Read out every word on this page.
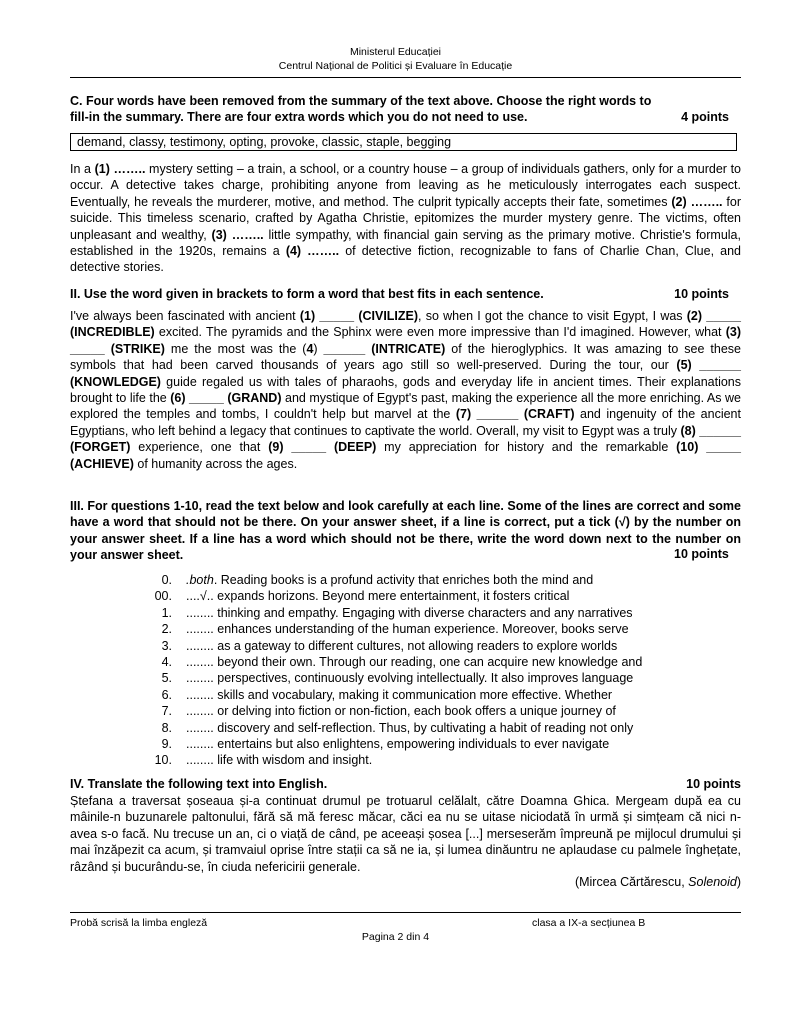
Ministerul Educației
Centrul Național de Politici și Evaluare în Educație
C. Four words have been removed from the summary of the text above. Choose the right words to
fill-in the summary. There are four extra words which you do not need to use.	4 points
demand, classy, testimony, opting, provoke, classic, staple, begging
In a (1) …….. mystery setting – a train, a school, or a country house – a group of individuals gathers, only for a murder to occur. A detective takes charge, prohibiting anyone from leaving as he meticulously interrogates each suspect. Eventually, he reveals the murderer, motive, and method. The culprit typically accepts their fate, sometimes (2) …….. for suicide. This timeless scenario, crafted by Agatha Christie, epitomizes the murder mystery genre. The victims, often unpleasant and wealthy, (3) …….. little sympathy, with financial gain serving as the primary motive. Christie's formula, established in the 1920s, remains a (4) …….. of detective fiction, recognizable to fans of Charlie Chan, Clue, and detective stories.
II. Use the word given in brackets to form a word that best fits in each sentence.	10 points
I've always been fascinated with ancient (1) _____ (CIVILIZE), so when I got the chance to visit Egypt, I was (2) _____ (INCREDIBLE) excited. The pyramids and the Sphinx were even more impressive than I'd imagined. However, what (3) _____ (STRIKE) me the most was the (4) ______ (INTRICATE) of the hieroglyphics. It was amazing to see these symbols that had been carved thousands of years ago still so well-preserved. During the tour, our (5) ______ (KNOWLEDGE) guide regaled us with tales of pharaohs, gods and everyday life in ancient times. Their explanations brought to life the (6) _____ (GRAND) and mystique of Egypt's past, making the experience all the more enriching. As we explored the temples and tombs, I couldn't help but marvel at the (7) ______ (CRAFT) and ingenuity of the ancient Egyptians, who left behind a legacy that continues to captivate the world. Overall, my visit to Egypt was a truly (8) ______ (FORGET) experience, one that (9) _____ (DEEP) my appreciation for history and the remarkable (10) _____ (ACHIEVE) of humanity across the ages.
III. For questions 1-10, read the text below and look carefully at each line. Some of the lines are correct and some have a word that should not be there. On your answer sheet, if a line is correct, put a tick (√) by the number on your answer sheet. If a line has a word which should not be there, write the word down next to the number on your answer sheet.	10 points
0.	.both. Reading books is a profund activity that enriches both the mind and
00.	....√.. expands horizons. Beyond mere entertainment, it fosters critical
1.	........ thinking and empathy. Engaging with diverse characters and any narratives
2.	........ enhances understanding of the human experience. Moreover, books serve
3.	........ as a gateway to different cultures, not allowing readers to explore worlds
4.	........ beyond their own. Through our reading, one can acquire new knowledge and
5.	........ perspectives, continuously evolving intellectually. It also improves language
6.	........ skills and vocabulary, making it communication more effective. Whether
7.	........ or delving into fiction or non-fiction, each book offers a unique journey of
8.	........ discovery and self-reflection. Thus, by cultivating a habit of reading not only
9.	........ entertains but also enlightens, empowering individuals to ever navigate
10.	........ life with wisdom and insight.
IV. Translate the following text into English.	10 points
Ștefana a traversat șoseaua și-a continuat drumul pe trotuarul celălalt, către Doamna Ghica. Mergeam după ea cu mâinile-n buzunarele paltonului, fără să mă feresc măcar, căci ea nu se uitase niciodată în urmă și simțeam că nici n-avea s-o facă. Nu trecuse un an, ci o viață de când, pe aceeași șosea [...] merseserăm împreună pe mijlocul drumului și mai înzăpezit ca acum, și tramvaiul oprise între stații ca să ne ia, și lumea dinăuntru ne aplaudase cu palmele înghețate, râzând și bucurându-se, în ciuda nefericirii generale.
(Mircea Cărtărescu, Solenoid)
Probă scrisă la limba engleză	clasa a IX-a secțiunea B
Pagina 2 din 4
